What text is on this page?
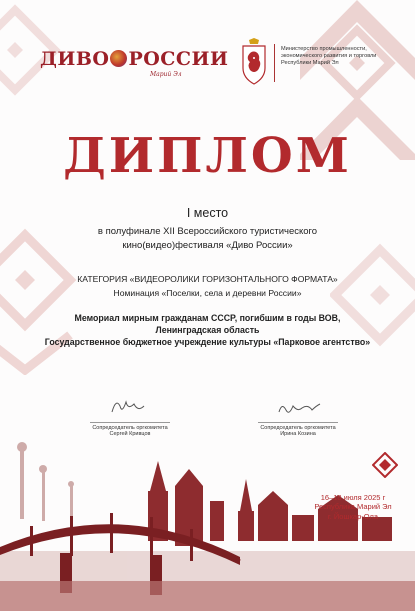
ДИВО РОССИИ
Марий Эл
Министерство промышленности, экономического развития и торговли Республики Марий Эл
ДИПЛОМ
I место
в полуфинале XII Всероссийского туристического
кино(видео)фестиваля «Диво России»
КАТЕГОРИЯ «ВИДЕОРОЛИКИ ГОРИЗОНТАЛЬНОГО ФОРМАТА»
Номинация «Поселки, села и деревни России»
Мемориал мирным гражданам СССР, погибшим в годы ВОВ,
Ленинградская область
Государственное бюджетное учреждение культуры «Парковое агентство»
Сопредседатель оргкомитета
Сергей Кривцов
Сопредседатель оргкомитета
Ирина Козина
16–18 июля 2025 г
Республика Марий Эл
г. Йошкар-Ола
